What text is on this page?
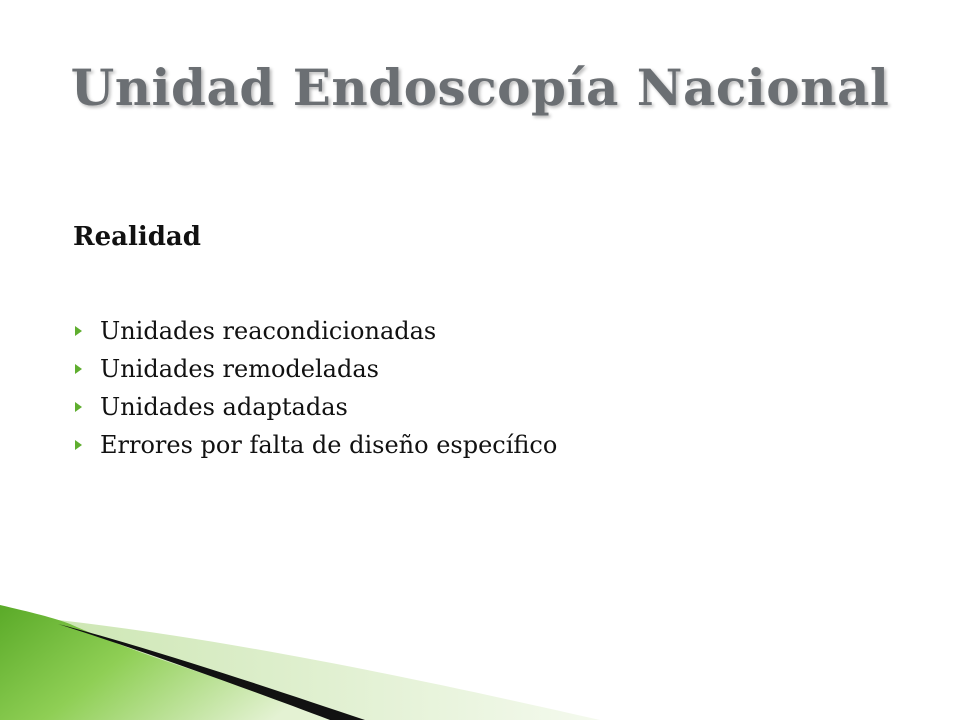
Unidad Endoscopía Nacional
Realidad
Unidades reacondicionadas
Unidades remodeladas
Unidades adaptadas
Errores por falta de diseño específico
